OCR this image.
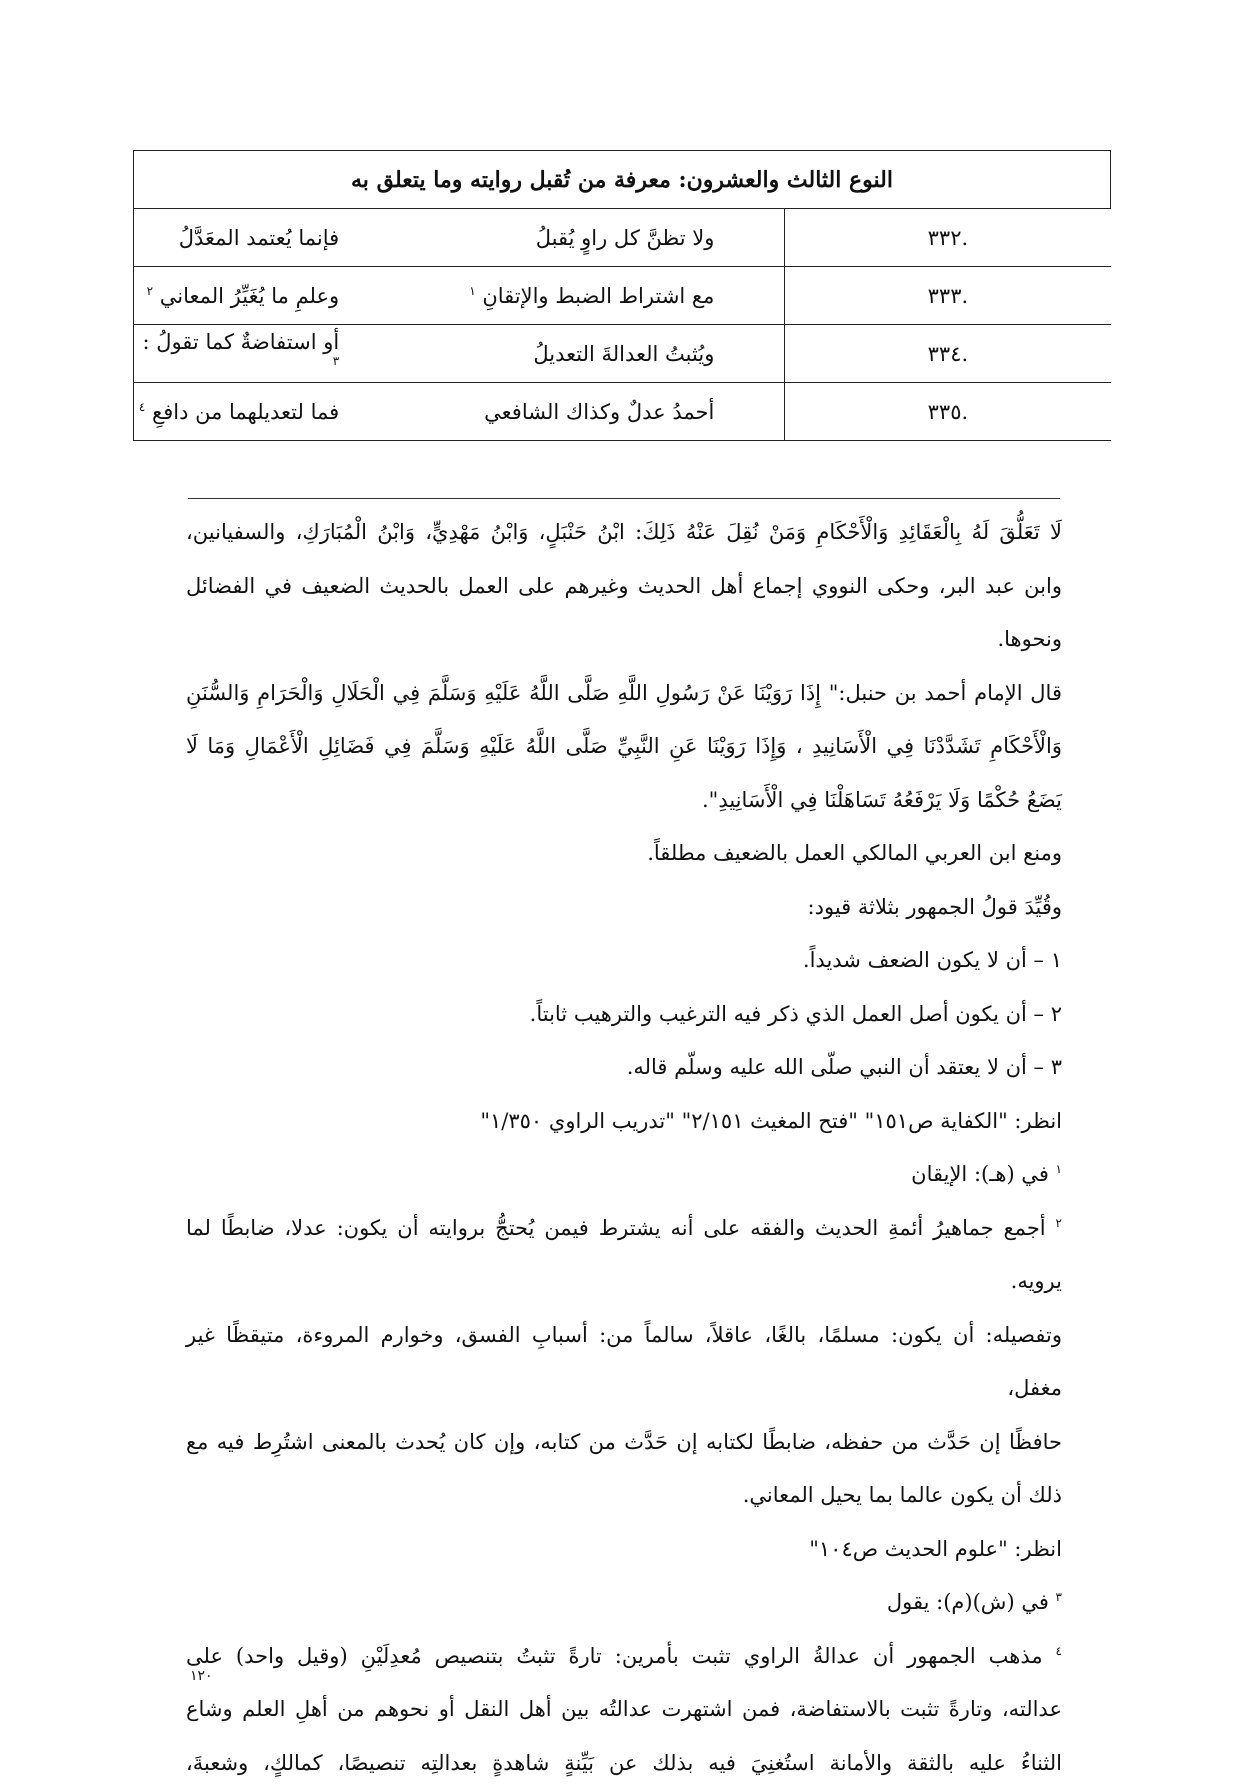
النوع الثالث والعشرون: معرفة من تُقبل روايته وما يتعلق به		
.٣٣٢	ولا تظنَّ كل راوٍ يُقبلُ	فإنما يُعتمد المعَدَّلُ
.٣٣٣	مع اشتراط الضبط والإتقانِ $^١$	وعلمِ ما يُغَيِّرُ المعاني $^٢$
.٣٣٤	ويُثبتُ العدالةَ التعديلُ	أو استفاضةٌ كما تقولُ : $^٣$
.٣٣٥	أحمدُ عدلٌ وكذاك الشافعي	فما لتعديلهما من دافعِ $^٤$

لَا تَعَلُّقَ لَهُ بِالْعَقَائِدِ وَالْأَحْكَامِ وَمَنْ نُقِلَ عَنْهُ ذَلِكَ: ابْنُ حَنْبَلٍ، وَابْنُ مَهْدِيٍّ، وَابْنُ الْمُبَارَكِ، والسفيانين،

وابن عبد البر، وحكى النووي إجماع أهل الحديث وغيرهم على العمل بالحديث الضعيف في الفضائل

ونحوها.

قال الإمام أحمد بن حنبل:" إِذَا رَوَيْنَا عَنْ رَسُولِ اللَّهِ صَلَّى اللَّهُ عَلَيْهِ وَسَلَّمَ فِي الْحَلَالِ وَالْحَرَامِ وَالسُّنَنِ

وَالْأَحْكَامِ تَشَدَّدْنَا فِي الْأَسَانِيدِ ، وَإِذَا رَوَيْنَا عَنِ النَّبِيِّ صَلَّى اللَّهُ عَلَيْهِ وَسَلَّمَ فِي فَضَائِلِ الْأَعْمَالِ وَمَا لَا

يَضَعُ حُكْمًا وَلَا يَرْفَعُهُ تَسَاهَلْنَا فِي الْأَسَانِيدِ".

ومنع ابن العربي المالكي العمل بالضعيف مطلقاً.

وقُيِّدَ قولُ الجمهور بثلاثة قيود:

١ – أن لا يكون الضعف شديداً.

٢ – أن يكون أصل العمل الذي ذكر فيه الترغيب والترهيب ثابتاً.

٣ – أن لا يعتقد أن النبي صلّى الله عليه وسلّم قاله.

انظر: "الكفاية ص١٥١" "فتح المغيث ٢/١٥١" "تدريب الراوي ١/٣٥٠"

$^١$ في (هـ): الإيقان

$^٢$ أجمع جماهيرُ أئمةِ الحديث والفقه على أنه يشترط فيمن يُحتجُّ بروايته أن يكون: عدلا، ضابطًا لما يرويه.

وتفصيله: أن يكون: مسلمًا، بالغًا، عاقلاً، سالماً من: أسبابِ الفسق، وخوارم المروءة، متيقظًا غير مغفل،

حافظًا إن حَدَّث من حفظه، ضابطًا لكتابه إن حَدَّث من كتابه، وإن كان يُحدث بالمعنى اشتُرِط فيه مع

ذلك أن يكون عالما بما يحيل المعاني.

انظر: "علوم الحديث ص١٠٤"

$^٣$ في (ش)(م): يقول

$^٤$ مذهب الجمهور أن عدالةُ الراوي تثبت بأمرين: تارةً تثبتُ بتنصيص مُعدِلَيْنِ (وقيل واحد) على

عدالته، وتارةً تثبت بالاستفاضة، فمن اشتهرت عدالتُه بين أهل النقل أو نحوهم من أهلِ العلم وشاع

الثناءُ عليه بالثقة والأمانة استُغنِيَ فيه بذلك عن بَيِّنةٍ شاهدةٍ بعدالتِه تنصيصًا، كمالكٍ، وشعبةَ،

١٢٠
